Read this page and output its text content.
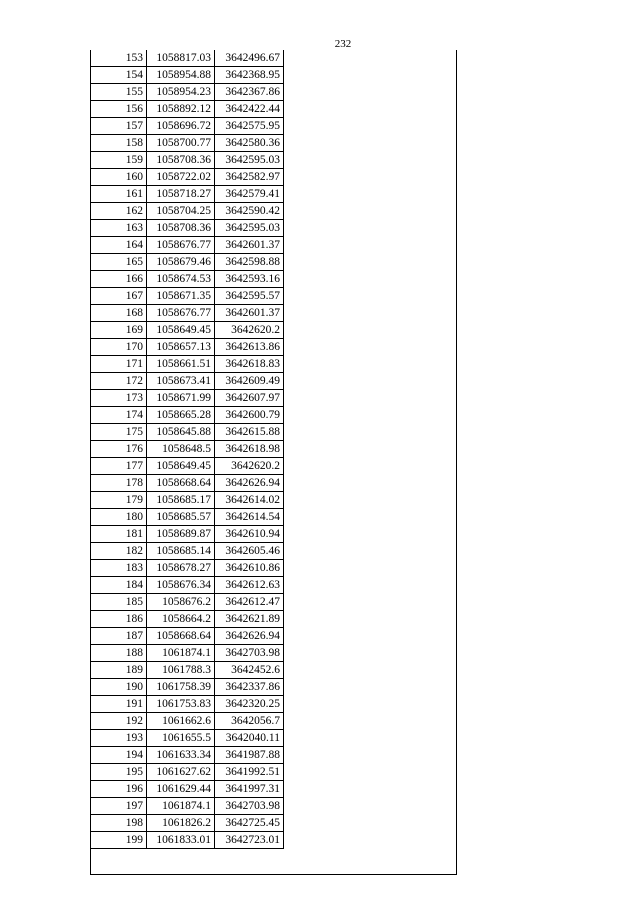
232
153	1058817.03	3642496.67
154	1058954.88	3642368.95
155	1058954.23	3642367.86
156	1058892.12	3642422.44
157	1058696.72	3642575.95
158	1058700.77	3642580.36
159	1058708.36	3642595.03
160	1058722.02	3642582.97
161	1058718.27	3642579.41
162	1058704.25	3642590.42
163	1058708.36	3642595.03
164	1058676.77	3642601.37
165	1058679.46	3642598.88
166	1058674.53	3642593.16
167	1058671.35	3642595.57
168	1058676.77	3642601.37
169	1058649.45	3642620.2
170	1058657.13	3642613.86
171	1058661.51	3642618.83
172	1058673.41	3642609.49
173	1058671.99	3642607.97
174	1058665.28	3642600.79
175	1058645.88	3642615.88
176	1058648.5	3642618.98
177	1058649.45	3642620.2
178	1058668.64	3642626.94
179	1058685.17	3642614.02
180	1058685.57	3642614.54
181	1058689.87	3642610.94
182	1058685.14	3642605.46
183	1058678.27	3642610.86
184	1058676.34	3642612.63
185	1058676.2	3642612.47
186	1058664.2	3642621.89
187	1058668.64	3642626.94
188	1061874.1	3642703.98
189	1061788.3	3642452.6
190	1061758.39	3642337.86
191	1061753.83	3642320.25
192	1061662.6	3642056.7
193	1061655.5	3642040.11
194	1061633.34	3641987.88
195	1061627.62	3641992.51
196	1061629.44	3641997.31
197	1061874.1	3642703.98
198	1061826.2	3642725.45
199	1061833.01	3642723.01
